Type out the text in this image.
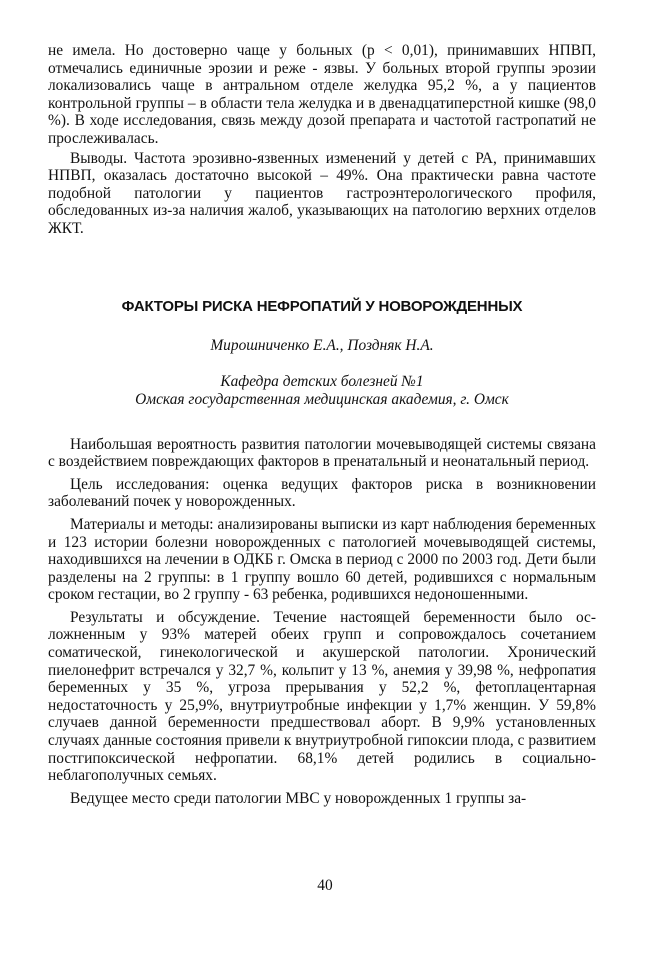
не имела. Но достоверно чаще у больных (р < 0,01), принимавших НПВП, отмечались единичные эрозии и реже - язвы. У больных второй группы эрозии локализовались чаще в антральном отделе желудка 95,2 %, а у пациентов контрольной группы – в области тела желудка и в двенадцатиперстной кишке (98,0 %). В ходе исследования, связь между дозой препарата и частотой гастропатий не прослеживалась.

Выводы. Частота эрозивно-язвенных изменений у детей с РА, принимавших НПВП, оказалась достаточно высокой – 49%. Она практически равна частоте подобной патологии у пациентов гастроэнтерологического профиля, обследованных из-за наличия жалоб, указывающих на патологию верхних отделов ЖКТ.

ФАКТОРЫ РИСКА НЕФРОПАТИЙ У НОВОРОЖДЕННЫХ

Мирошниченко Е.А., Поздняк Н.А.

Кафедра детских болезней №1
Омская государственная медицинская академия, г. Омск

Наибольшая вероятность развития патологии мочевыводящей системы связана с воздействием повреждающих факторов в пренатальный и неонатальный период.

Цель исследования: оценка ведущих факторов риска в возникновении заболеваний почек у новорожденных.

Материалы и методы: анализированы выписки из карт наблюдения беременных и 123 истории болезни новорожденных с патологией мочевыводящей системы, находившихся на лечении в ОДКБ г. Омска в период с 2000 по 2003 год. Дети были разделены на 2 группы: в 1 группу вошло 60 детей, родившихся с нормальным сроком гестации, во 2 группу - 63 ребенка, родившихся недоношенными.

Результаты и обсуждение. Течение настоящей беременности было осложненным у 93% матерей обеих групп и сопровождалось сочетанием соматической, гинекологической и акушерской патологии. Хронический пиелонефрит встречался у 32,7 %, кольпит у 13 %, анемия у 39,98 %, нефропатия беременных у 35 %, угроза прерывания у 52,2 %, фетоплацентарная недостаточность у 25,9%, внутриутробные инфекции у 1,7% женщин. У 59,8% случаев данной беременности предшествовал аборт. В 9,9% установленных случаях данные состояния привели к внутриутробной гипоксии плода, с развитием постгипоксической нефропатии. 68,1% детей родились в социально-неблагополучных семьях.

Ведущее место среди патологии МВС у новорожденных 1 группы за-

40
